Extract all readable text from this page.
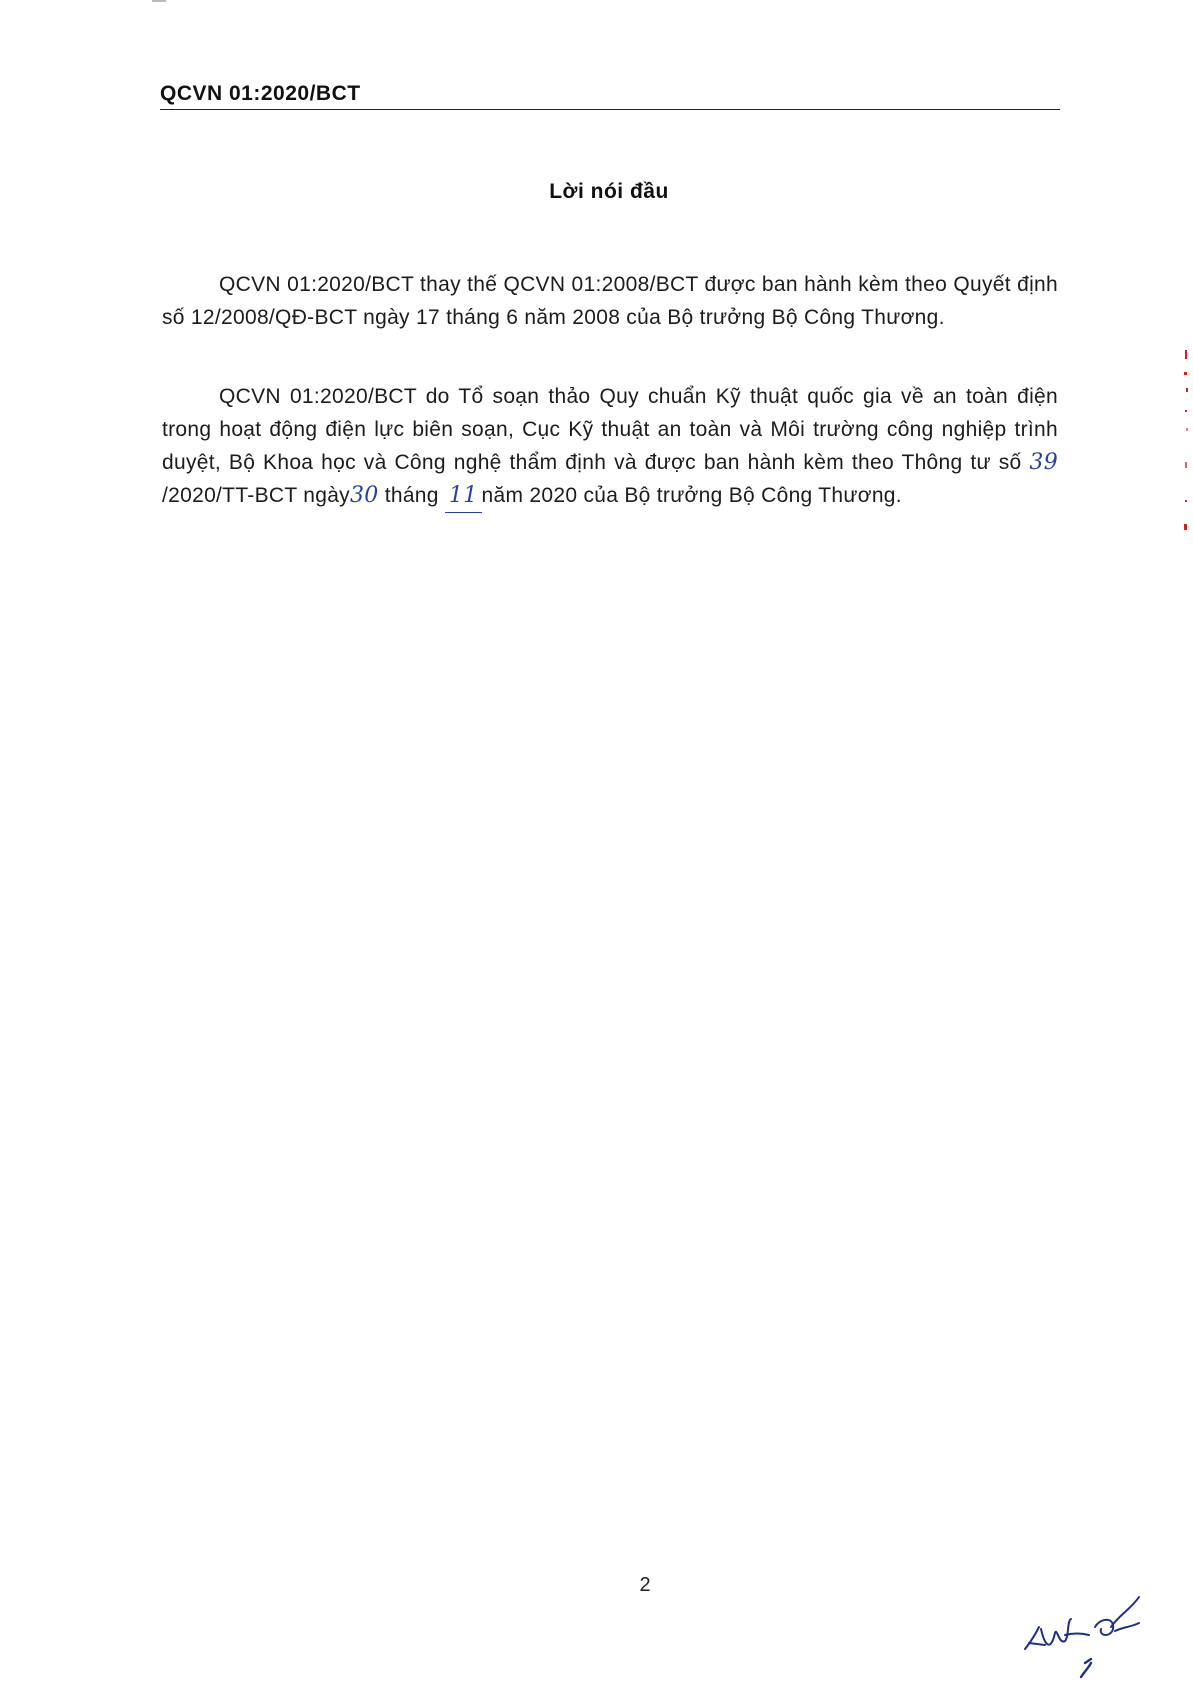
QCVN 01:2020/BCT
Lời nói đầu
QCVN 01:2020/BCT thay thế QCVN 01:2008/BCT được ban hành kèm theo Quyết định số 12/2008/QĐ-BCT ngày 17 tháng 6 năm 2008 của Bộ trưởng Bộ Công Thương.
QCVN 01:2020/BCT do Tổ soạn thảo Quy chuẩn Kỹ thuật quốc gia về an toàn điện trong hoạt động điện lực biên soạn, Cục Kỹ thuật an toàn và Môi trường công nghiệp trình duyệt, Bộ Khoa học và Công nghệ thẩm định và được ban hành kèm theo Thông tư số 39 /2020/TT-BCT ngày30 tháng 11 năm 2020 của Bộ trưởng Bộ Công Thương.
2
